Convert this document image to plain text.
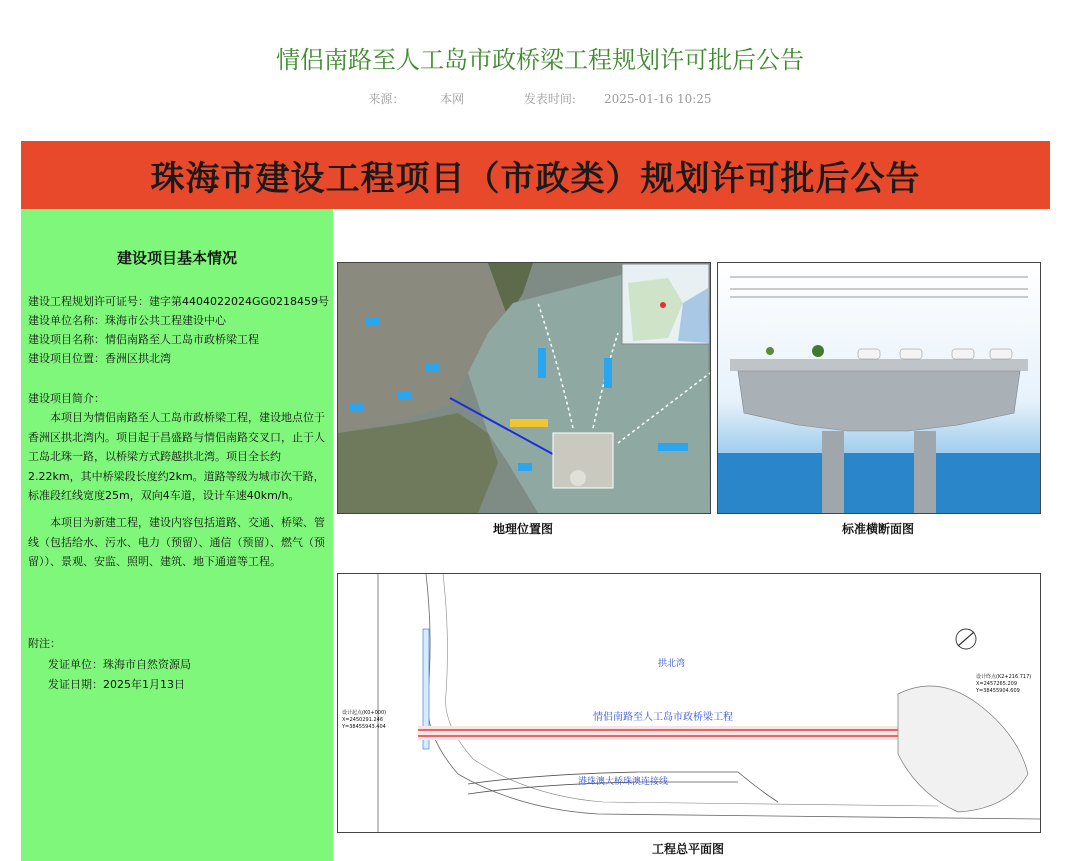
情侣南路至人工岛市政桥梁工程规划许可批后公告
来源：	本网	发表时间: 2025-01-16 10:25
珠海市建设工程项目（市政类）规划许可批后公告
建设项目基本情况
建设工程规划许可证号：建字第4404022024GG0218459号
建设单位名称：珠海市公共工程建设中心
建设项目名称：情侣南路至人工岛市政桥梁工程
建设项目位置：香洲区拱北湾
建设项目简介：
本项目为情侣南路至人工岛市政桥梁工程，建设地点位于香洲区拱北湾内。项目起于昌盛路与情侣南路交叉口，止于人工岛北珠一路，以桥梁方式跨越拱北湾。项目全长约2.22km，其中桥梁段长度约2km。道路等级为城市次干路，标准段红线宽度25m，双向4车道，设计车速40km/h。
本项目为新建工程，建设内容包括道路、交通、桥梁、管线（包括给水、污水、电力（预留）、通信（预留）、燃气（预留））、景观、安监、照明、建筑、地下通道等工程。
附注：
发证单位：珠海市自然资源局
发证日期：2025年1月13日
地理位置图	标准横断面图
拱北湾
情侣南路至人工岛市政桥梁工程
港珠澳大桥珠澳连接线
设计起点(K0+000)
X=2450291.246
Y=38455943.404
设计终点(K2+216.717)
X=2457265.209
Y=38455904.609
工程总平面图
